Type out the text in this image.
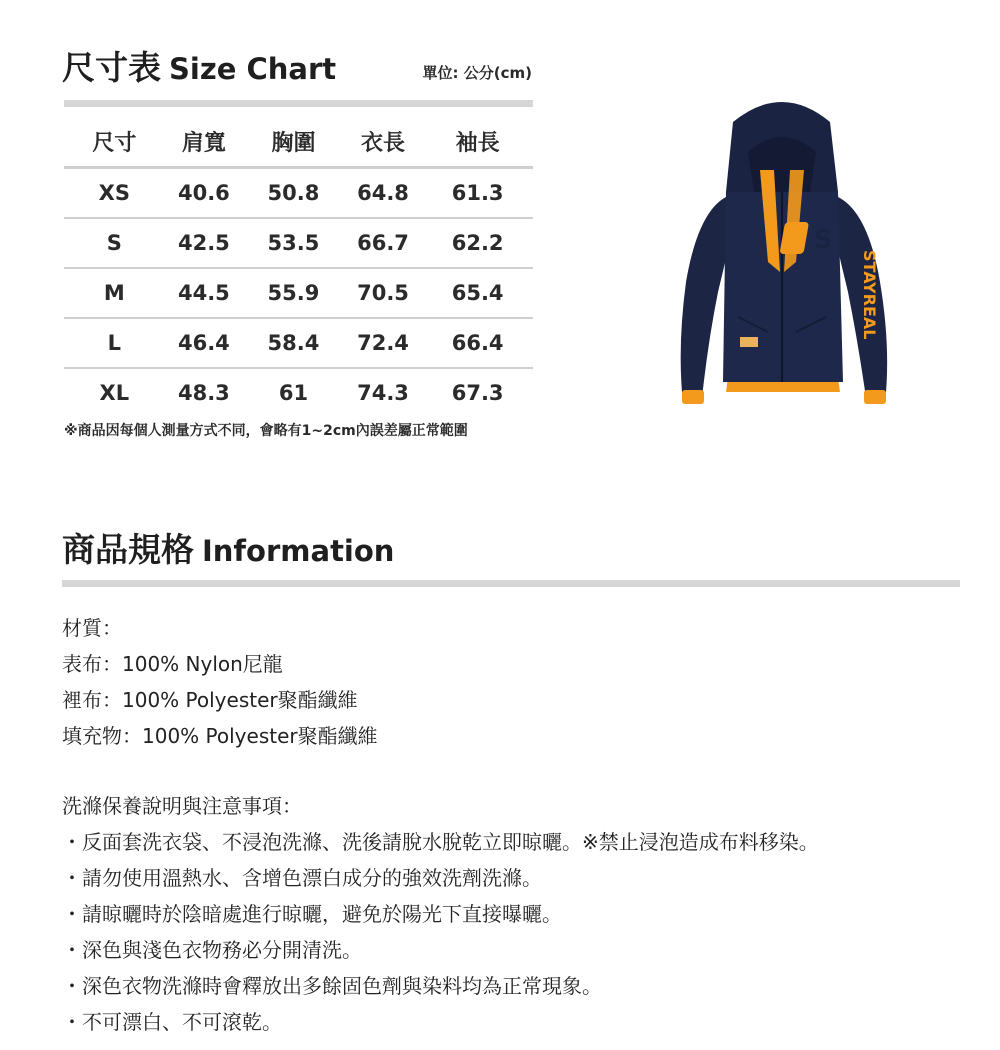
尺寸表 Size Chart	單位: 公分(cm)
尺寸	肩寬	胸圍	衣長	袖長
XS	40.6	50.8	64.8	61.3
S	42.5	53.5	66.7	62.2
M	44.5	55.9	70.5	65.4
L	46.4	58.4	72.4	66.4
XL	48.3	61	74.3	67.3
※商品因每個人測量方式不同，會略有1~2cm內誤差屬正常範圍
S
STAYREAL
商品規格 Information
材質：
表布：100% Nylon尼龍
裡布：100% Polyester聚酯纖維
填充物：100% Polyester聚酯纖維
洗滌保養說明與注意事項：
・反面套洗衣袋、不浸泡洗滌、洗後請脫水脫乾立即晾曬。※禁止浸泡造成布料移染。
・請勿使用溫熱水、含增色漂白成分的強效洗劑洗滌。
・請晾曬時於陰暗處進行晾曬，避免於陽光下直接曝曬。
・深色與淺色衣物務必分開清洗。
・深色衣物洗滌時會釋放出多餘固色劑與染料均為正常現象。
・不可漂白、不可滾乾。
